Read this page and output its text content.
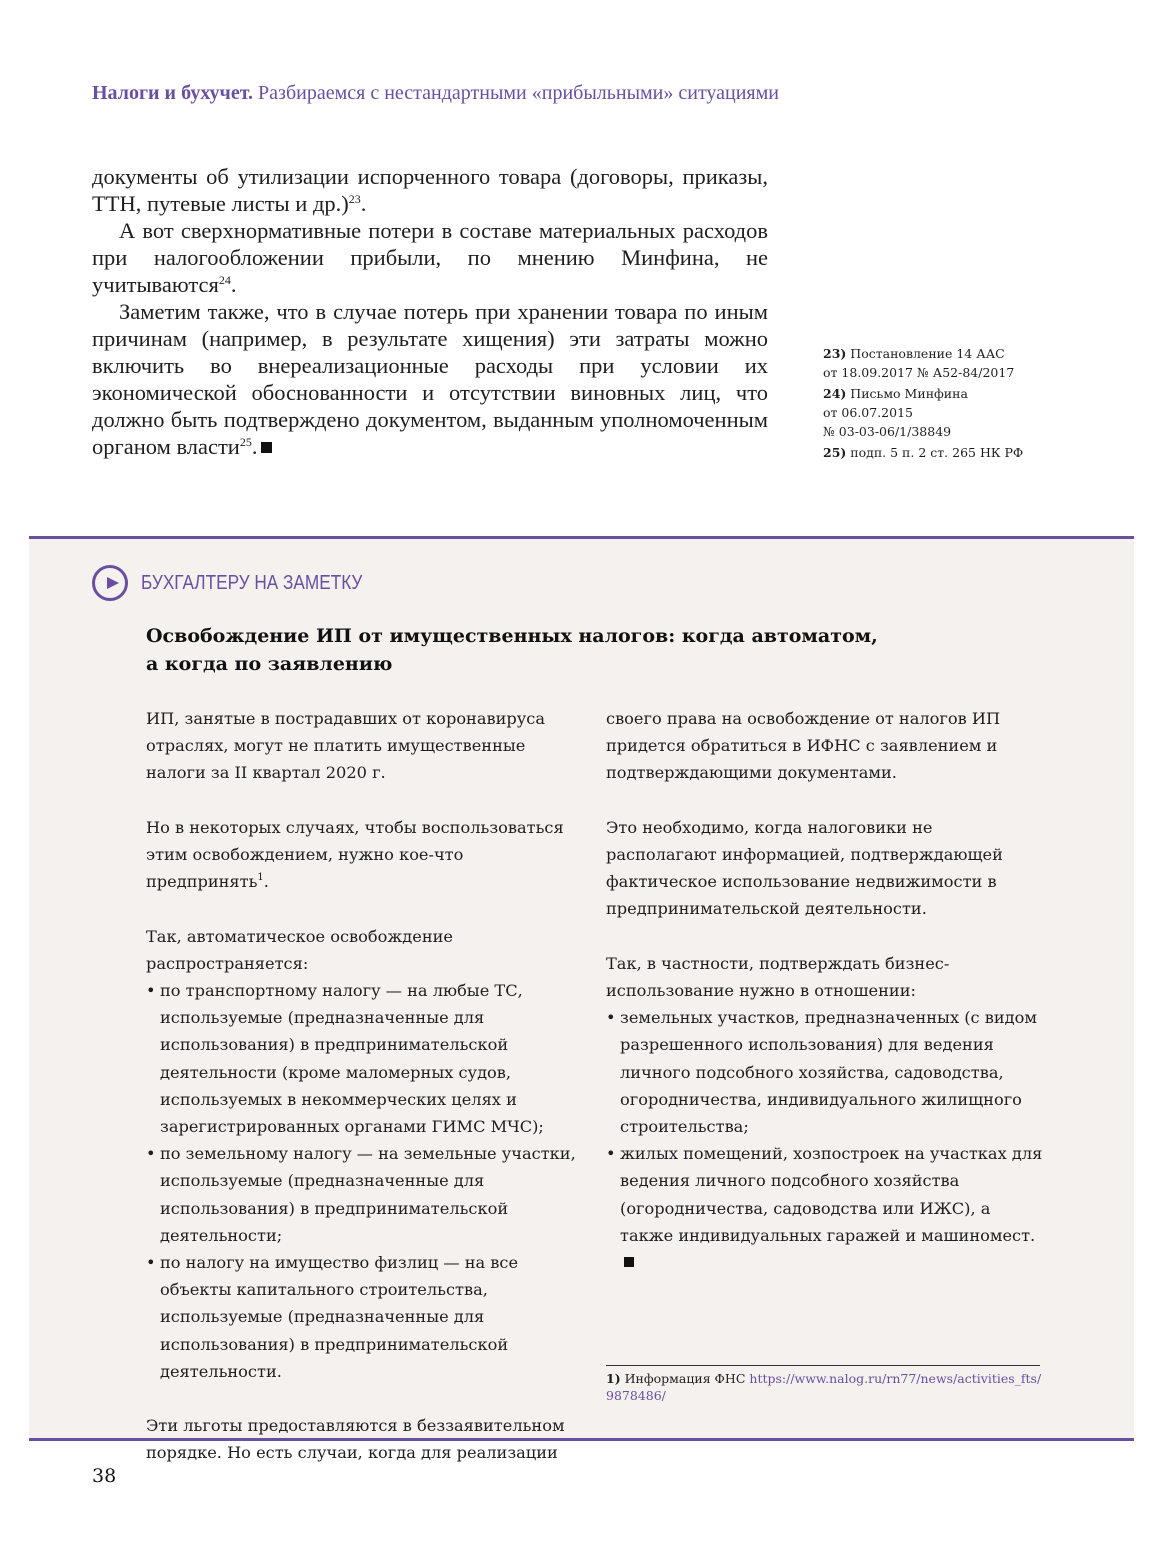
Налоги и бухучет. Разбираемся с нестандартными «прибыльными» ситуациями

документы об утилизации испорченного товара (договоры, приказы, ТТН, путевые листы и др.)$^{23}$.

А вот сверхнормативные потери в составе материальных расходов при налогообложении прибыли, по мнению Минфина, не учитываются$^{24}$.

Заметим также, что в случае потерь при хранении товара по иным причинам (например, в результате хищения) эти затраты можно включить во внереализационные расходы при условии их экономической обоснованности и отсутствии виновных лиц, что должно быть подтверждено документом, выданным уполномоченным органом власти$^{25}$.

23) Постановление 14 ААС
от 18.09.2017 № А52-84/2017
24) Письмо Минфина
от 06.07.2015
№ 03-03-06/1/38849
25) подп. 5 п. 2 ст. 265 НК РФ
БУХГАЛТЕРУ НА ЗАМЕТКУ
Освобождение ИП от имущественных налогов: когда автоматом,
а когда по заявлению

ИП, занятые в пострадавших от коронавируса отраслях, могут не платить имущественные налоги за II квартал 2020 г.

Но в некоторых случаях, чтобы воспользоваться этим освобождением, нужно кое-что предпринять$^1$.

Так, автоматическое освобождение распространяется:

• по транспортному налогу — на любые ТС, используемые (предназначенные для использования) в предпринимательской деятельности (кроме маломерных судов, используемых в некоммерческих целях и зарегистрированных органами ГИМС МЧС);
• по земельному налогу — на земельные участки, используемые (предназначенные для использования) в предпринимательской деятельности;
• по налогу на имущество физлиц — на все объекты капитального строительства, используемые (предназначенные для использования) в предпринимательской деятельности.

Эти льготы предоставляются в беззаявительном порядке. Но есть случаи, когда для реализации

своего права на освобождение от налогов ИП придется обратиться в ИФНС с заявлением и подтверждающими документами.

Это необходимо, когда налоговики не располагают информацией, подтверждающей фактическое использование недвижимости в предпринимательской деятельности.

Так, в частности, подтверждать бизнес-использование нужно в отношении:

• земельных участков, предназначенных (с видом разрешенного использования) для ведения личного подсобного хозяйства, садоводства, огородничества, индивидуального жилищного строительства;
• жилых помещений, хозпостроек на участках для ведения личного подсобного хозяйства (огородничества, садоводства или ИЖС), а также индивидуальных гаражей и машиномест.
1) Информация ФНС https://www.nalog.ru/rn77/news/activities_fts/9878486/
38
